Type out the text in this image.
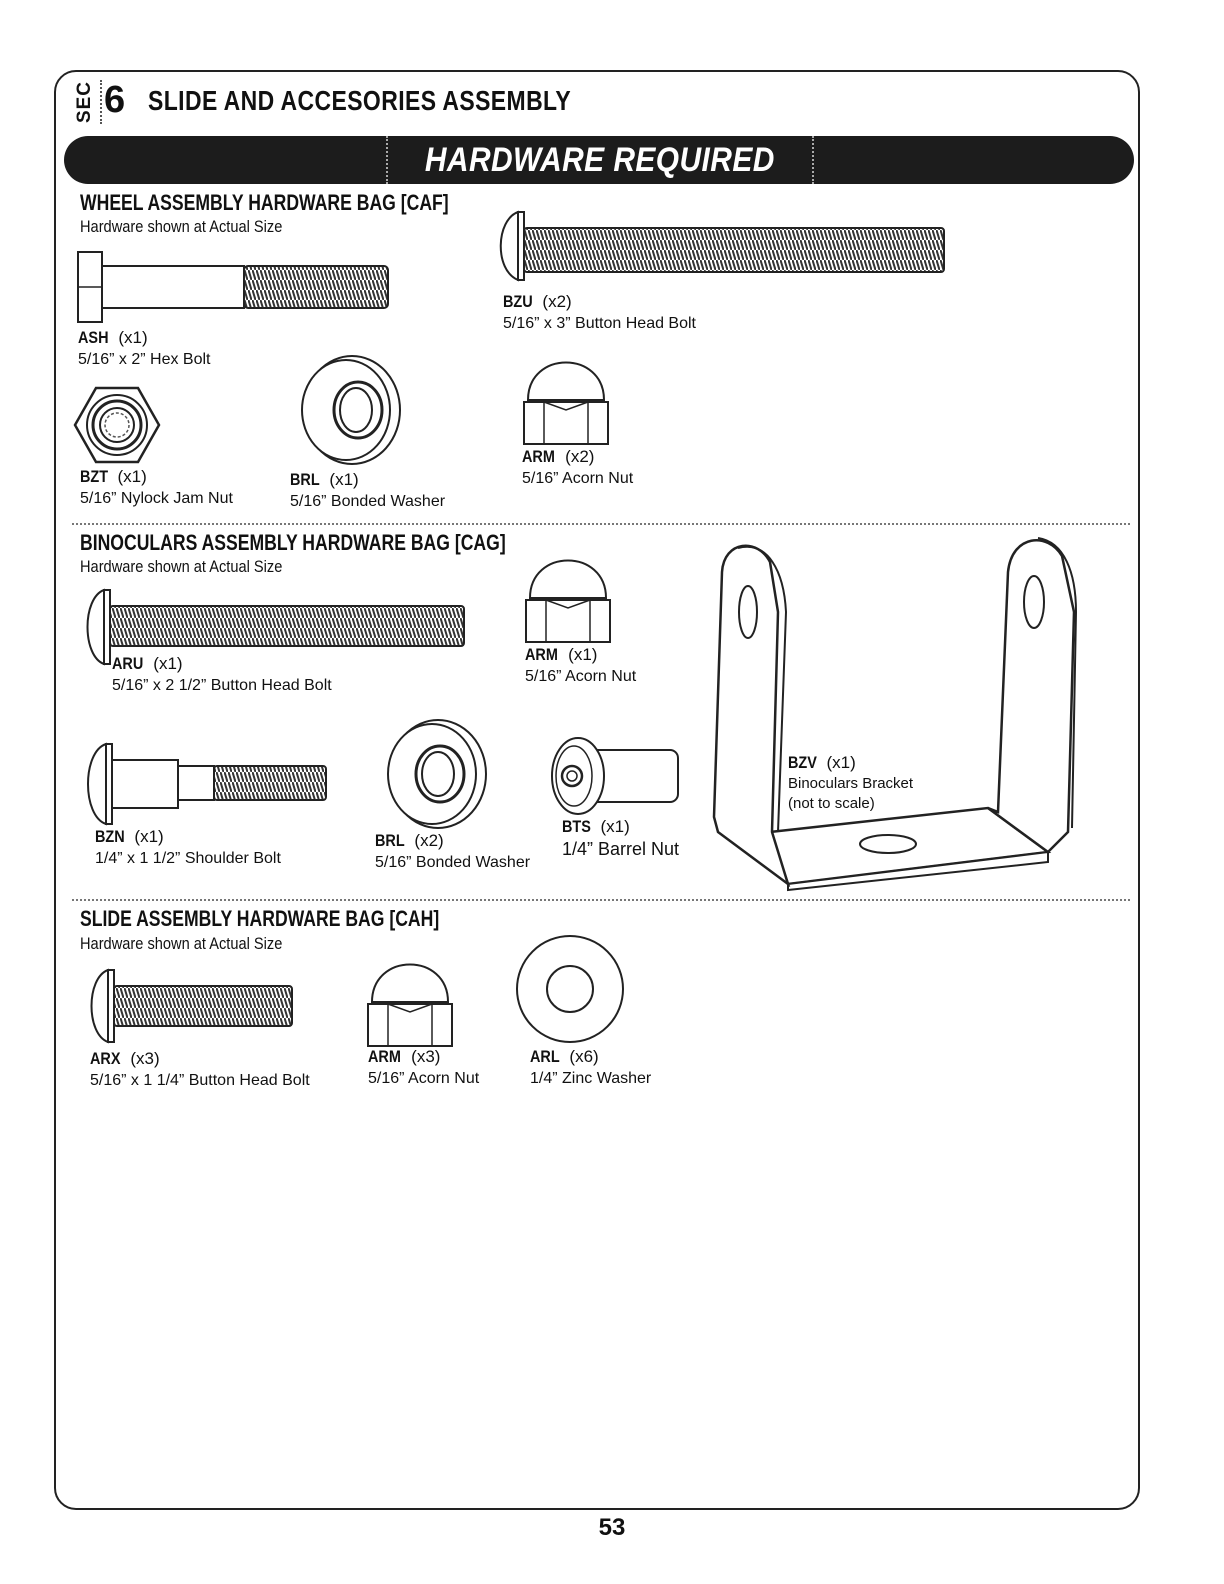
SEC 6 SLIDE AND ACCESORIES ASSEMBLY
HARDWARE REQUIRED
WHEEL ASSEMBLY HARDWARE BAG [CAF]
Hardware shown at Actual Size
ASH (x1)
5/16” x 2” Hex Bolt
BZU (x2)
5/16” x 3” Button Head Bolt
BZT (x1)
5/16” Nylock Jam Nut
BRL (x1)
5/16” Bonded Washer
ARM (x2)
5/16” Acorn Nut
BINOCULARS ASSEMBLY HARDWARE BAG [CAG]
Hardware shown at Actual Size
ARU (x1)
5/16” x 2 1/2” Button Head Bolt
ARM (x1)
5/16” Acorn Nut
BZV (x1)
Binoculars Bracket
(not to scale)
BZN (x1)
1/4” x 1 1/2” Shoulder Bolt
BRL (x2)
5/16” Bonded Washer
BTS (x1)
1/4” Barrel Nut
SLIDE ASSEMBLY HARDWARE BAG [CAH]
Hardware shown at Actual Size
ARX (x3)
5/16” x 1 1/4” Button Head Bolt
ARM (x3)
5/16” Acorn Nut
ARL (x6)
1/4” Zinc Washer
53
